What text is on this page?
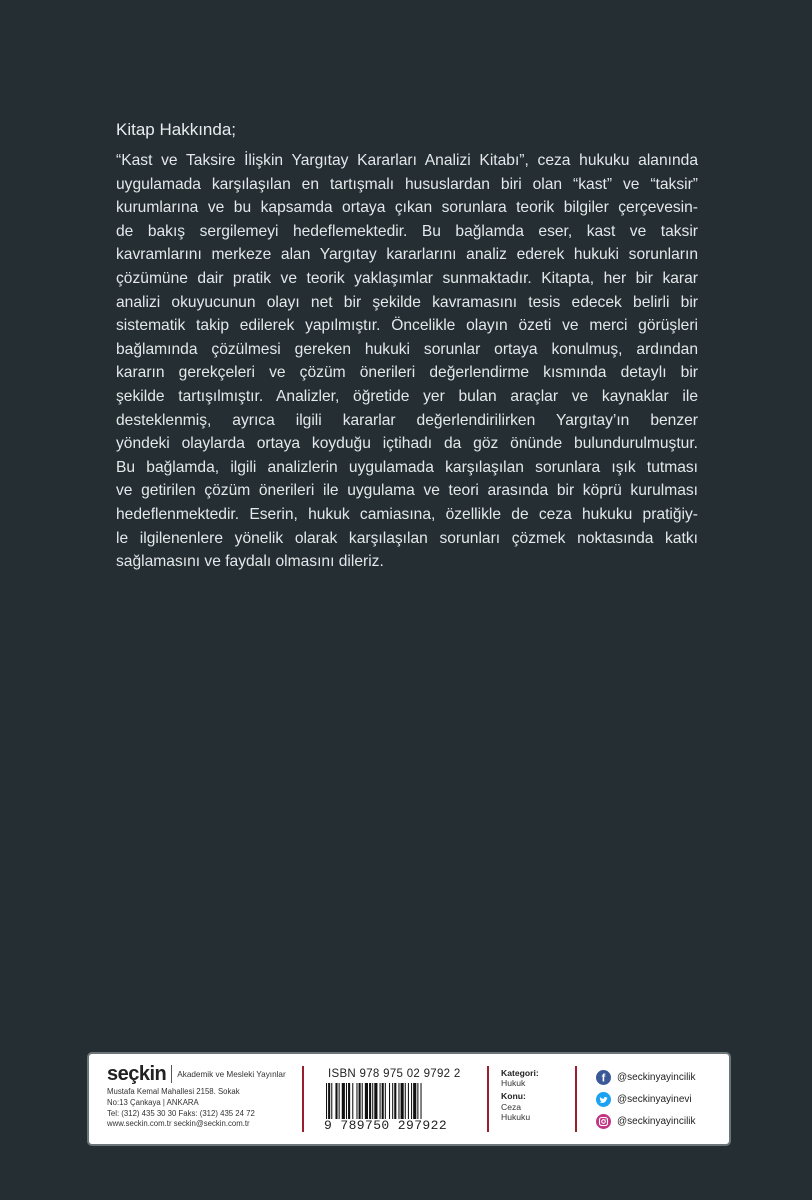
Kitap Hakkında;
“Kast ve Taksire İlişkin Yargıtay Kararları Analizi Kitabı”, ceza hukuku alanında
uygulamada karşılaşılan en tartışmalı hususlardan biri olan “kast” ve “taksir”
kurumlarına ve bu kapsamda ortaya çıkan sorunlara teorik bilgiler çerçevesin-
de bakış sergilemeyi hedeflemektedir. Bu bağlamda eser, kast ve taksir
kavramlarını merkeze alan Yargıtay kararlarını analiz ederek hukuki sorunların
çözümüne dair pratik ve teorik yaklaşımlar sunmaktadır. Kitapta, her bir karar
analizi okuyucunun olayı net bir şekilde kavramasını tesis edecek belirli bir
sistematik takip edilerek yapılmıştır. Öncelikle olayın özeti ve merci görüşleri
bağlamında çözülmesi gereken hukuki sorunlar ortaya konulmuş, ardından
kararın gerekçeleri ve çözüm önerileri değerlendirme kısmında detaylı bir
şekilde tartışılmıştır. Analizler, öğretide yer bulan araçlar ve kaynaklar ile
desteklenmiş, ayrıca ilgili kararlar değerlendirilirken Yargıtay’ın benzer
yöndeki olaylarda ortaya koyduğu içtihadı da göz önünde bulundurulmuştur.
Bu bağlamda, ilgili analizlerin uygulamada karşılaşılan sorunlara ışık tutması
ve getirilen çözüm önerileri ile uygulama ve teori arasında bir köprü kurulması
hedeflenmektedir. Eserin, hukuk camiasına, özellikle de ceza hukuku pratiğiy-
le ilgilenenlere yönelik olarak karşılaşılan sorunları çözmek noktasında katkı
sağlamasını ve faydalı olmasını dileriz.
seçkin Akademik ve Mesleki Yayınlar
Mustafa Kemal Mahallesi 2158. Sokak
No:13 Çankaya | ANKARA
Tel: (312) 435 30 30 Faks: (312) 435 24 72
www.seckin.com.tr seckin@seckin.com.tr
ISBN 978 975 02 9792 2
9 789750 297922
Kategori:
Hukuk
Konu:
Ceza
Hukuku
f @seckinyayincilik
@seckinyayinevi
@seckinyayincilik
